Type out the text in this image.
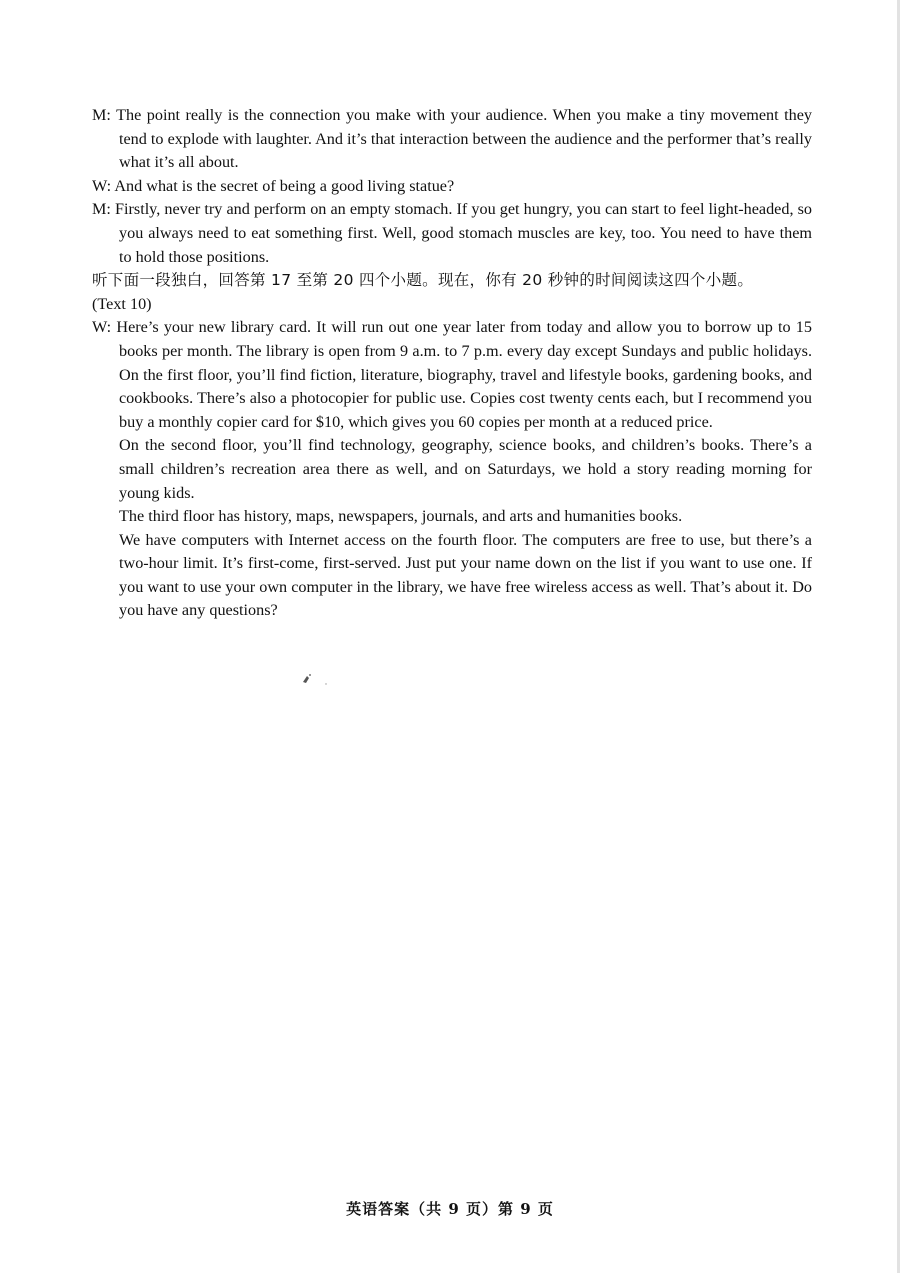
M: The point really is the connection you make with your audience. When you make a tiny movement they tend to explode with laughter. And it’s that interaction between the audience and the performer that’s really what it’s all about.

W: And what is the secret of being a good living statue?

M: Firstly, never try and perform on an empty stomach. If you get hungry, you can start to feel light-headed, so you always need to eat something first. Well, good stomach muscles are key, too. You need to have them to hold those positions.

听下面一段独白，回答第 17 至第 20 四个小题。现在，你有 20 秒钟的时间阅读这四个小题。

(Text 10)

W: Here’s your new library card. It will run out one year later from today and allow you to borrow up to 15 books per month. The library is open from 9 a.m. to 7 p.m. every day except Sundays and public holidays. On the first floor, you’ll find fiction, literature, biography, travel and lifestyle books, gardening books, and cookbooks. There’s also a photocopier for public use. Copies cost twenty cents each, but I recommend you buy a monthly copier card for $10, which gives you 60 copies per month at a reduced price.

On the second floor, you’ll find technology, geography, science books, and children’s books. There’s a small children’s recreation area there as well, and on Saturdays, we hold a story reading morning for young kids.

The third floor has history, maps, newspapers, journals, and arts and humanities books.

We have computers with Internet access on the fourth floor. The computers are free to use, but there’s a two-hour limit. It’s first-come, first-served. Just put your name down on the list if you want to use one. If you want to use your own computer in the library, we have free wireless access as well. That’s about it. Do you have any questions?

英语答案（共 9 页）第 9 页
